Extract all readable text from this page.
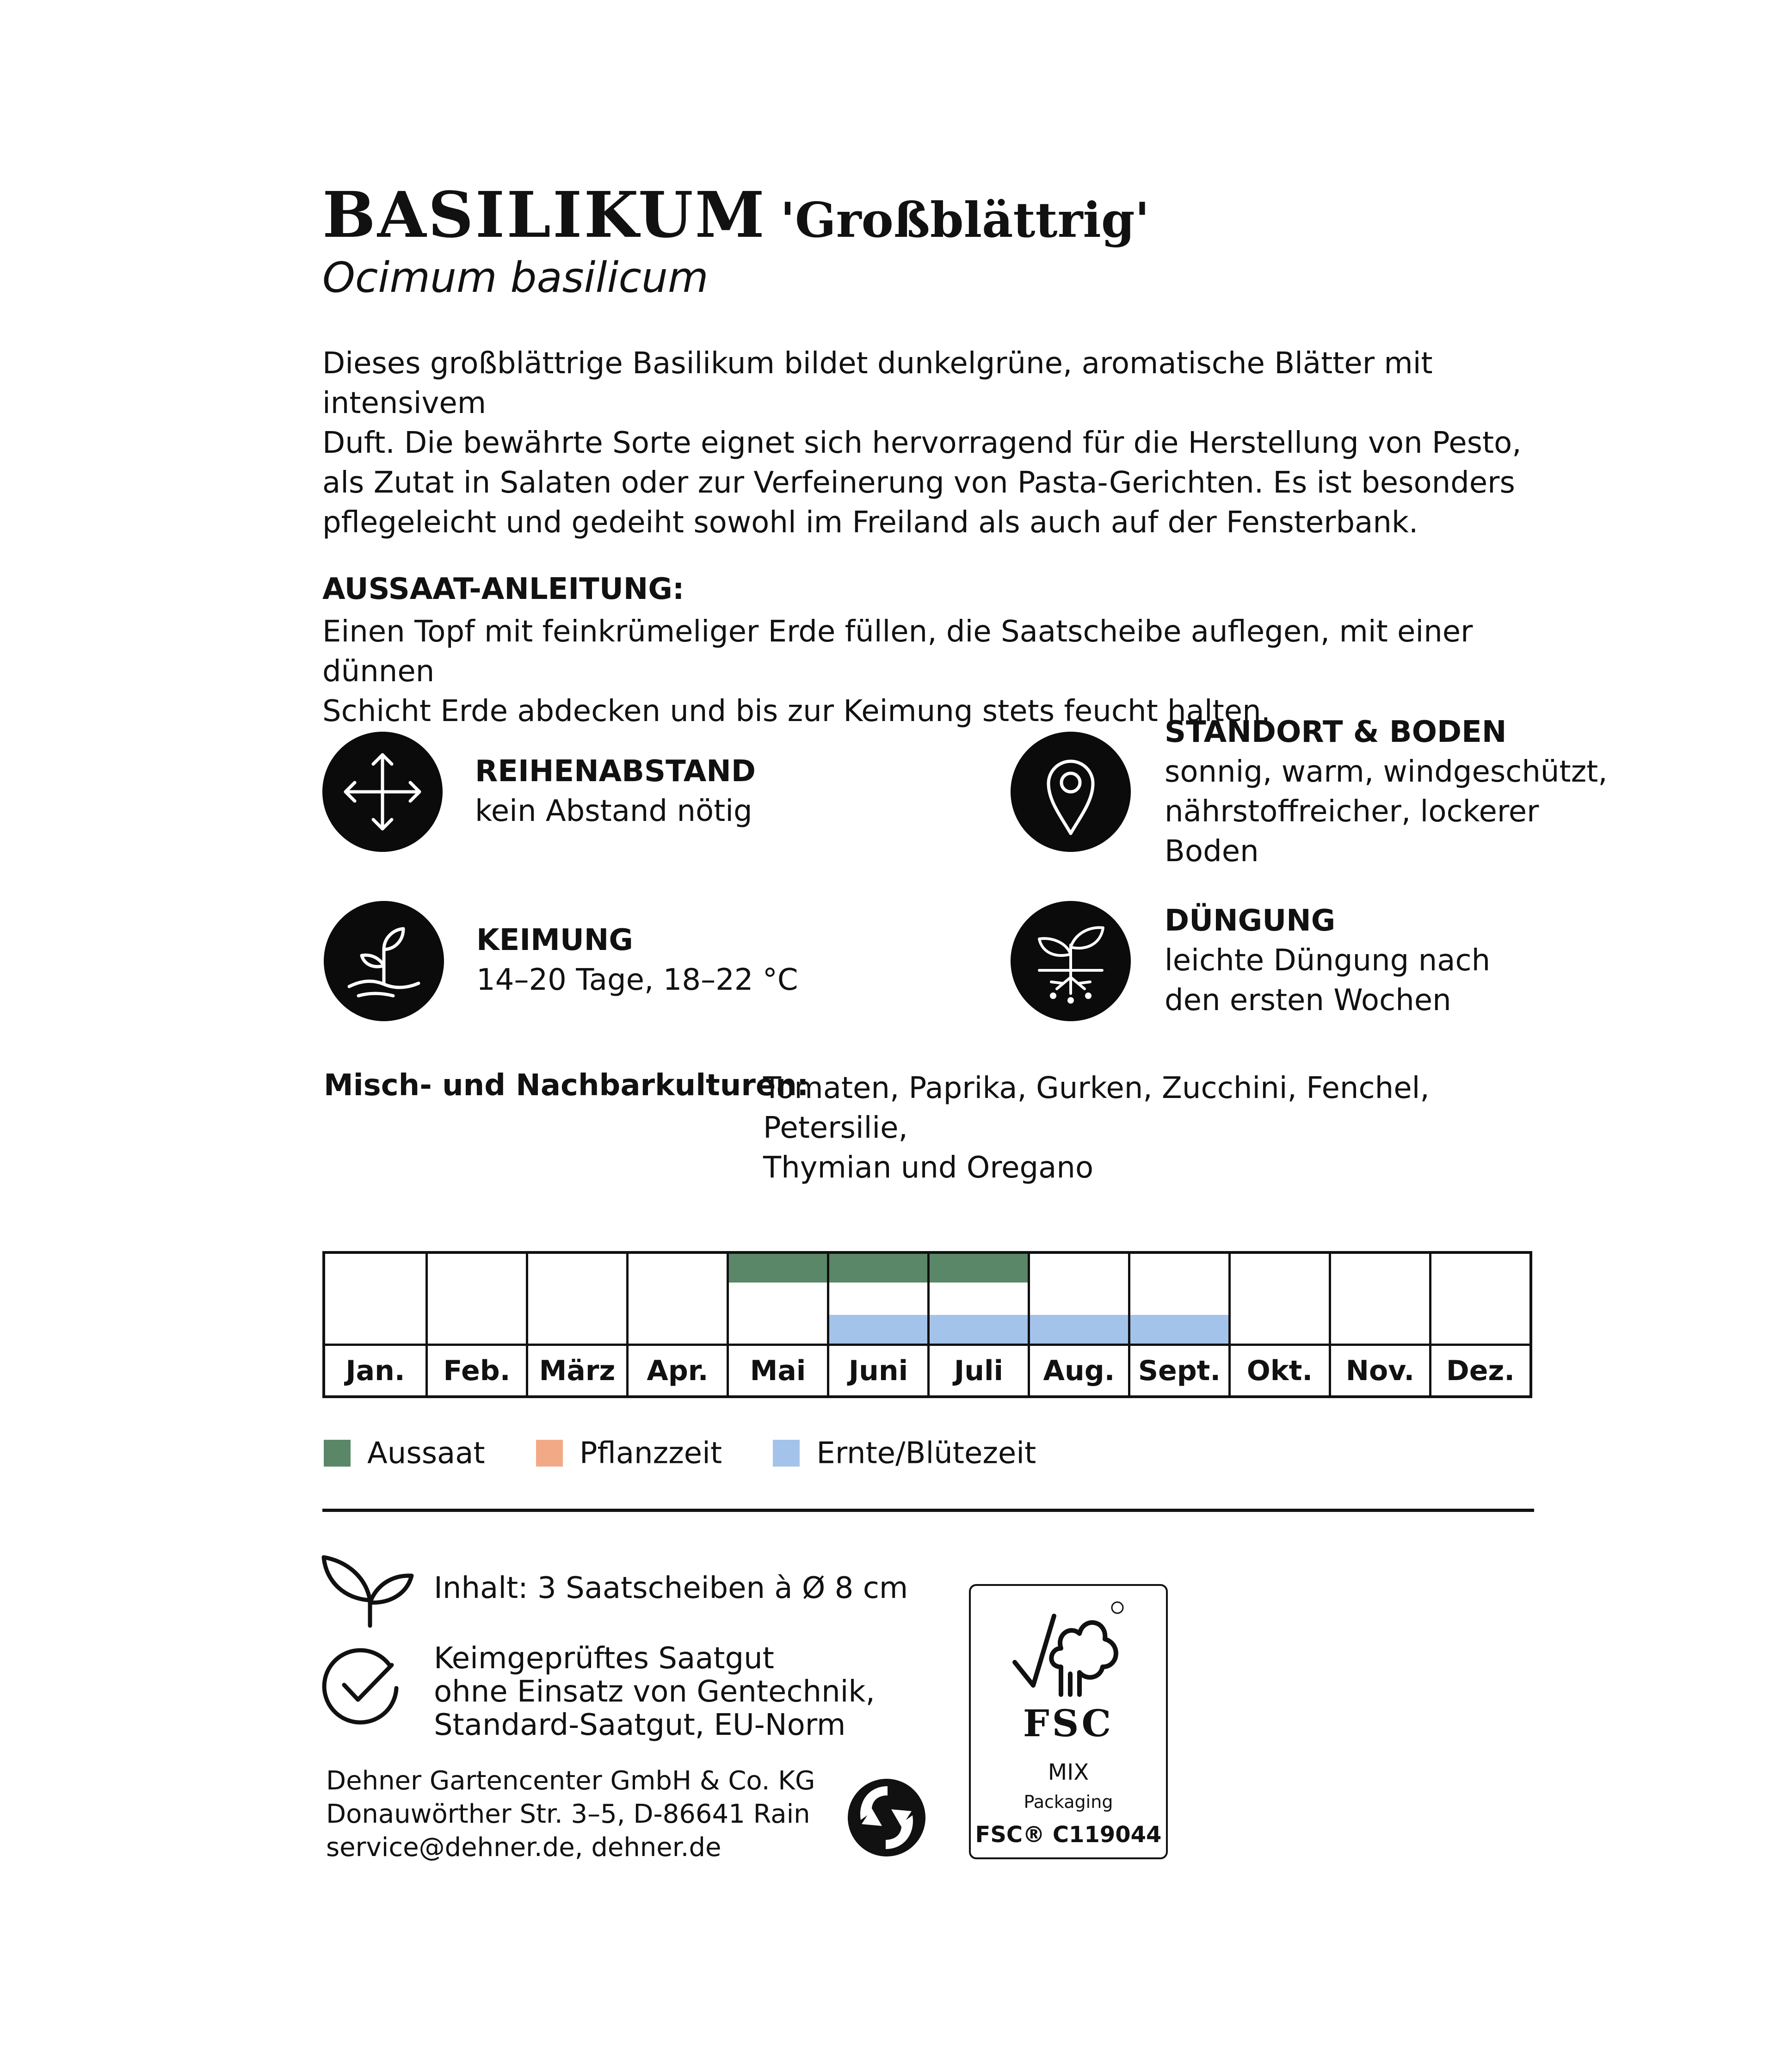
BASILIKUM 'Großblättrig'
Ocimum basilicum
Dieses großblättrige Basilikum bildet dunkelgrüne, aromatische Blätter mit intensivem
Duft. Die bewährte Sorte eignet sich hervorragend für die Herstellung von Pesto,
als Zutat in Salaten oder zur Verfeinerung von Pasta-Gerichten. Es ist besonders
pflegeleicht und gedeiht sowohl im Freiland als auch auf der Fensterbank.
AUSSAAT-ANLEITUNG:
Einen Topf mit feinkrümeliger Erde füllen, die Saatscheibe auflegen, mit einer dünnen
Schicht Erde abdecken und bis zur Keimung stets feucht halten.
REIHENABSTAND
kein Abstand nötig
STANDORT & BODEN
sonnig, warm, windgeschützt,
nährstoffreicher, lockerer
Boden
KEIMUNG
14–20 Tage, 18–22 °C
DÜNGUNG
leichte Düngung nach
den ersten Wochen
Misch- und Nachbarkulturen:
Tomaten, Paprika, Gurken, Zucchini, Fenchel, Petersilie,
Thymian und Oregano
Jan.	Feb.	März	Apr.	Mai	Juni	Juli	Aug. Sept. Okt.	Nov.	Dez.
Aussaat	Pflanzzeit	Ernte/Blütezeit
Inhalt: 3 Saatscheiben à Ø 8 cm
Keimgeprüftes Saatgut
ohne Einsatz von Gentechnik,
Standard-Saatgut, EU-Norm
Dehner Gartencenter GmbH & Co. KG
Donauwörther Str. 3–5, D-86641 Rain
service@dehner.de, dehner.de
FSC
MIX
Packaging
FSC® C119044
